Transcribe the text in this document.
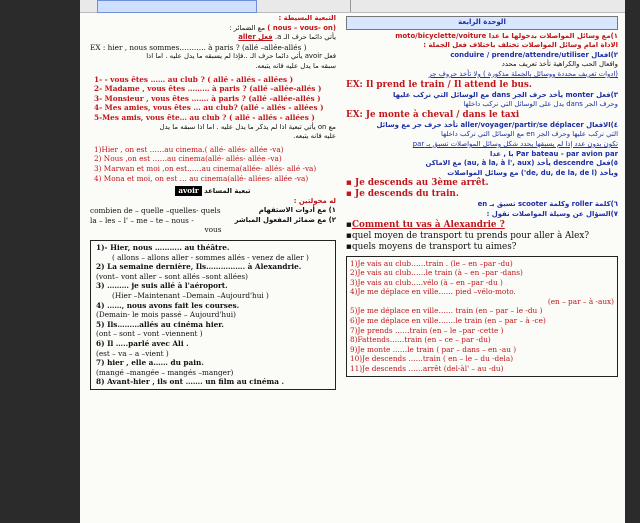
اﻟﺘﺒﻌﻴﺔ اﻟﺒﺴﻴﻄﺔ :
(nous – vous- on ) ﻣﻊ اﻟﻀﻤﺎﺋﺮ :
ﻳﺄﺗﻲ داﺋﻤﺎ ﺣﺮف اﻟـ a. ﻓﻌﻞ aller
EX : hier , nous sommes……….. à paris ? (allé –allée-allés )
ﻓﻌﻞ avoir ﻳﺄﺗﻲ داﺋﻤﺎ ﺣﺮف اﻟـ ..ﻓﺈذا ﻟﻢ ﻳﺴﺒﻘﻪ ﻣﺎ ﻳﺪل ﻋﻠﻴﻪ . اﻣﺎ اذا
ﺳﺒﻘﻪ ﻣﺎ ﻳﺪل ﻋﻠﻴﻪ ﻓﺎﻧﻪ ﻳﺘﺒﻌﻪ.
1- - vous êtes …… au club ? ( allé - allés - allées )
2- Madame , vous êtes ……… à paris ? (allé –allée-allés )
3- Monsieur , vous êtes ……. à paris ? (allé –allée-allés )
4- Mes amies, vous êtes … au club? (allé - allés - allées )
5-Mes amis, vous ête… au club ? ( allé - allés - allées )
ﻣﻊ on ﻳﺄﺗﻲ ﺗﺒﻌﻴﺔ اذا ﻟﻢ ﻳﺬﻛﺮ ﻣﺎ ﻳﺪل ﻋﻠﻴﻪ . اﻣﺎ اذا ﺳﺒﻘﻪ ﻣﺎ ﻳﺪل
ﻋﻠﻴﻪ ﻓﺎﻧﻪ ﻳﺘﺒﻌﻪ.
1)Hier , on est ……au cinema.( allé- allés- allée -va)
2) Nous ,on est ……au cinema(allé- allés- allée -va)
3) Marwan et moi ,on est……au cinema(allée- allés- allé -va)
4) Mona et moi, on est … au cinema(allé- allées- allée -va)
avoir ﺗﺒﻌﻴﺔ اﻟﻤﺴﺎﻋﺪ
ﻟﻪ ﻣﺤﻮﻟﺘﻴﻦ :
combien de – quelle –quelles- quels	١) ﻣﻊ أدوات اﻻﺳﺘﻔﻬﺎم
la – les – l' – me – te – nous -	٢) ﻣﻊ ﺿﻤﺎﺋﺮ اﻟﻤﻔﻌﻮل اﻟﻤﺒﺎﺷﺮ
vous
1)- Hier, nous ……….. au théâtre.
( allons – allons aller - sommes allés - venez de aller )
2) La semaine dernière, Ils……………. à Alexandrie.
(vont– vont aller – sont allés –sont allées)
3) ……… je suis allé à l'aéroport.
(Hier –Maintenant –Demain –Aujourd'hui )
4) ……, nous avons fait les courses.
(Demain- le mois passé – Aujourd'hui)
5) Ils………allés au cinéma hier.
(ont – sont – vont –viennent )
6) Il …..parlé avec Ali .
(est – va – a –vient )
7) hier , elle a…… du pain.
(mangé –mangée – mangés –manger)
8) Avant-hier , ils ont ……. un film au cinéma .
اﻟﻮﺣﺪة اﻟﺮاﺑﻌﺔ
١)ﻣﻊ وﺳﺎﺋﻞ اﻟﻤﻮاﺻﻼت ﺑﺪﺧﻮﻟﻬﺎ ﻣﺎ ﻋﺪا moto/bicyclette/voiture
اﻻداة اﻣﺎم وﺳﺎﺋﻞ اﻟﻤﻮاﺻﻼت ﺗﺨﺘﻠﻒ ﺑﺎﺧﺘﻼف ﻓﻌﻞ اﻟﺠﻤﻠﺔ :
٢)اﻓﻌﺎل conduire / prendre/attendre/utiliser
واﻓﻌﺎل اﻟﺤﺐ واﻟﻜﺮاﻫﻴﺔ ﺗﺄﺧﺬ ﺗﻌﺮﻳﻒ ﻣﺤﺪد
(ادوات ﺗﻌﺮﻳﻒ ﻣﺤﺪدة ووﺳﺎﺋﻞ ﺑﺎﻟﺠﻤﻠﺔ ﻣﺬﻛﻮرة ) وﻻ ﺗﺄﺧﺬ ﺣﺮوف ﺟﺮ
EX: Il prend le train / Il attend le bus.
٣)ﻓﻌﻞ monter ﻳﺄﺧﺬ ﺣﺮف اﻟﺠﺮ dans ﻣﻊ اﻟﻮﺳﺎﺋﻞ اﻟﺘﻲ ﻧﺮﻛﺐ ﻋﻠﻴﻬﺎ
وﺣﺮف اﻟﺠﺮ dans ﻳﺪل ﻋﻠﻰ اﻟﻮﺳﺎﺋﻞ اﻟﺘﻲ ﻧﺮﻛﺐ داﺧﻠﻬﺎ
EX: Je monte à cheval / dans le taxi
٤)اﻻﻓﻌﺎل aller/voyager/partir/se déplacer ﺗﺄﺧﺬ ﺣﺮف ﺟﺮ ﻣﻊ وﺳﺎﺋﻞ
اﻟﺘﻲ ﻧﺮﻛﺐ ﻋﻠﻴﻬﺎ وﺣﺮف اﻟﺠﺮ en ﻣﻊ اﻟﻮﺳﺎﺋﻞ اﻟﺘﻲ ﻧﺮﻛﺐ داﺧﻠﻬﺎ
ﺗﻜﻮن ﺑﺪون ﻋﺪد إذا ﻟﻢ ﻳﺴﺒﻘﻬﺎ ﻳﺤﺪد ﺷﻜﻞ وﺳﺎﺋﻞ اﻟﻤﻮاﺻﻼت ﺗﺴﺒﻖ ﺑـ par
Par bateau - par avion par ﺑﺎ , ﻋﺪا
٥)ﻓﻌﻞ descendre ﻳﺄﺧﺬ (au, à la, à l', aux) ﻣﻊ اﻻﻣﺎﻛﻦ
وﻳﺄﺧﺬ (de, du, de la, de l') ﻣﻊ وﺳﺎﺋﻞ اﻟﻤﻮاﺻﻼت
▪ Je descends au 3ème arrêt.
▪ Je descends du train.
٦)ﻛﻠﻤﺔ roller وﻛﻠﻤﺔ scooter ﺗﺴﺒﻖ بـ en
٧)اﻟﺴﺆال ﻋﻦ وﺳﻴﻠﺔ اﻟﻤﻮاﺻﻼت ﻧﻘﻮل :
▪Comment tu vas à Alexandrie ?
▪quel moyen de transport tu prends pour aller à Alex?
▪quels moyens de transport tu aimes?
1)Je vais au club……train . (le – en –par -du)
2)Je vais au club……le train (à – en –par -dans)
3)Je vais au club…..vélo (à – en –par -du )
4)Je me déplace en ville…… pied –vélo-moto.
(en – par – à -aux)
5)Je me déplace en ville…… train (en – par – le -du )
6)Je me déplace en ville…….le train (en – par – à -ce)
7)Je prends ……train (en – le –par -cette )
8)Fattends……train (en – ce – par -du)
9)Je monte ……le train ( par – dans – en -au )
10)Je descends ……train ( en – le – du -dela)
11)Je descends ……arrêt (del-àl' – au -du)
